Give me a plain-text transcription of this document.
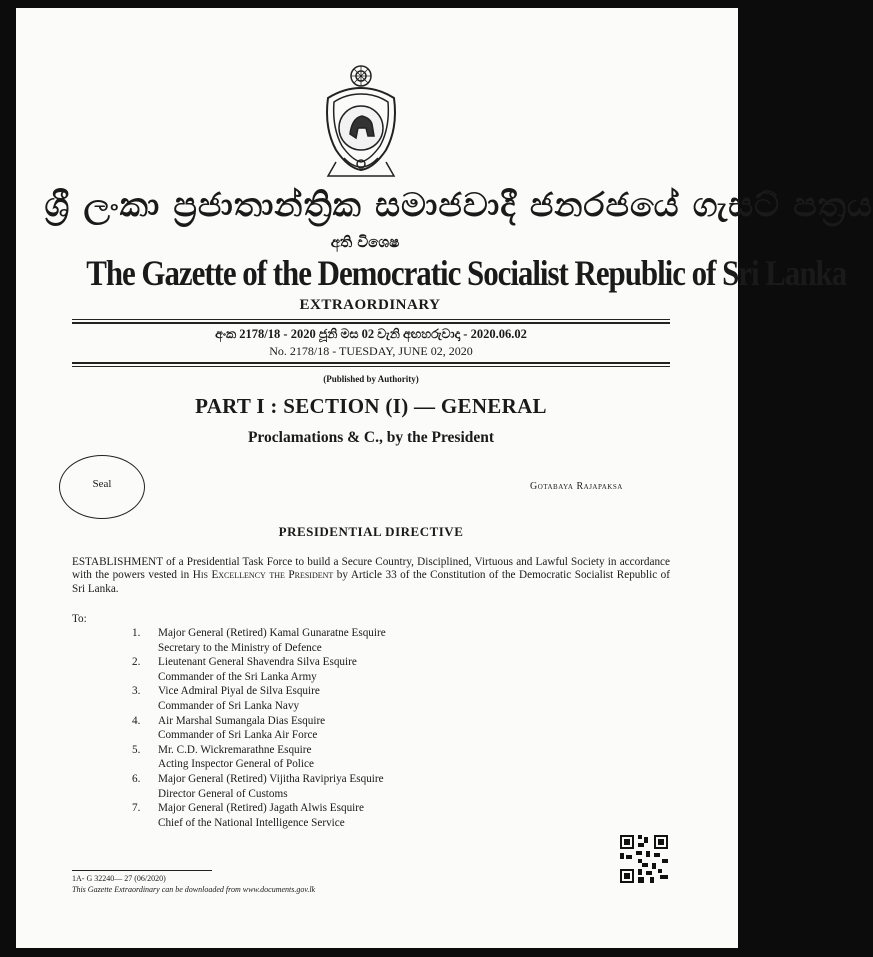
ශ්‍රී ලංකා ප්‍රජාතාන්ත්‍රික සමාජවාදී ජනරජයේ ගැසට් පත්‍රය
අති විශෙෂ
The Gazette of the Democratic Socialist Republic of Sri Lanka
EXTRAORDINARY
අංක 2178/18 - 2020 ජූනි මස 02 වැනි අඟහරුවාදා - 2020.06.02
No. 2178/18 - TUESDAY, JUNE 02, 2020
(Published by Authority)
PART I : SECTION (I) — GENERAL
Proclamations & C., by the President
Seal	Gotabaya Rajapaksa
PRESIDENTIAL DIRECTIVE
ESTABLISHMENT of a Presidential Task Force to build a Secure Country, Disciplined, Virtuous and Lawful Society in accordance with the powers vested in His Excellency the President by Article 33 of the Constitution of the Democratic Socialist Republic of Sri Lanka.
To:
1.	Major General (Retired) Kamal Gunaratne Esquire
Secretary to the Ministry of Defence
2.	Lieutenant General Shavendra Silva Esquire
Commander of the Sri Lanka Army
3.	Vice Admiral Piyal de Silva Esquire
Commander of Sri Lanka Navy
4.	Air Marshal Sumangala Dias Esquire
Commander of Sri Lanka Air Force
5.	Mr. C.D. Wickremarathne Esquire
Acting Inspector General of Police
6.	Major General (Retired) Vijitha Ravipriya Esquire
Director General of Customs
7.	Major General (Retired) Jagath Alwis Esquire
Chief of the National Intelligence Service
1A- G 32240— 27 (06/2020)
This Gazette Extraordinary can be downloaded from www.documents.gov.lk
